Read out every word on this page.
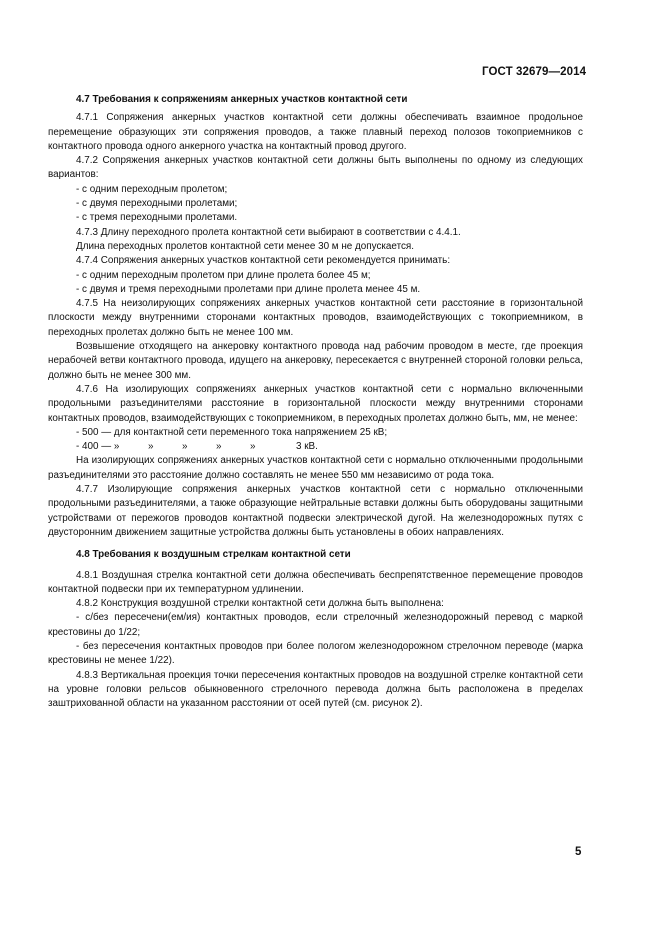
ГОСТ 32679—2014

4.7 Требования к сопряжениям анкерных участков контактной сети

4.7.1 Сопряжения анкерных участков контактной сети должны обеспечивать взаимное продольное перемещение образующих эти сопряжения проводов, а также плавный переход полозов токоприемников с контактного провода одного анкерного участка на контактный провод другого.

4.7.2 Сопряжения анкерных участков контактной сети должны быть выполнены по одному из следующих вариантов:

- с одним переходным пролетом;

- с двумя переходными пролетами;

- с тремя переходными пролетами.

4.7.3 Длину переходного пролета контактной сети выбирают в соответствии с 4.4.1.

Длина переходных пролетов контактной сети менее 30 м не допускается.

4.7.4 Сопряжения анкерных участков контактной сети рекомендуется принимать:

- с одним переходным пролетом при длине пролета более 45 м;

- с двумя и тремя переходными пролетами при длине пролета менее 45 м.

4.7.5 На неизолирующих сопряжениях анкерных участков контактной сети расстояние в горизонтальной плоскости между внутренними сторонами контактных проводов, взаимодействующих с токоприемником, в переходных пролетах должно быть не менее 100 мм.

Возвышение отходящего на анкеровку контактного провода над рабочим проводом в месте, где проекция нерабочей ветви контактного провода, идущего на анкеровку, пересекается с внутренней стороной головки рельса, должно быть не менее 300 мм.

4.7.6 На изолирующих сопряжениях анкерных участков контактной сети с нормально включенными продольными разъединителями расстояние в горизонтальной плоскости между внутренними сторонами контактных проводов, взаимодействующих с токоприемником, в переходных пролетах должно быть, мм, не менее:

- 500 — для контактной сети переменного тока напряжением 25 кВ;

- 400 — »	»	»	»	»	3 кВ.

На изолирующих сопряжениях анкерных участков контактной сети с нормально отключенными продольными разъединителями это расстояние должно составлять не менее 550 мм независимо от рода тока.

4.7.7 Изолирующие сопряжения анкерных участков контактной сети с нормально отключенными продольными разъединителями, а также образующие нейтральные вставки должны быть оборудованы защитными устройствами от пережогов проводов контактной подвески электрической дугой. На железнодорожных путях с двусторонним движением защитные устройства должны быть установлены в обоих направлениях.

4.8 Требования к воздушным стрелкам контактной сети

4.8.1 Воздушная стрелка контактной сети должна обеспечивать беспрепятственное перемещение проводов контактной подвески при их температурном удлинении.

4.8.2 Конструкция воздушной стрелки контактной сети должна быть выполнена:

- с/без пересечени(ем/ия) контактных проводов, если стрелочный железнодорожный перевод с маркой крестовины до 1/22;

- без пересечения контактных проводов при более пологом железнодорожном стрелочном переводе (марка крестовины не менее 1/22).

4.8.3 Вертикальная проекция точки пересечения контактных проводов на воздушной стрелке контактной сети на уровне головки рельсов обыкновенного стрелочного перевода должна быть расположена в пределах заштрихованной области на указанном расстоянии от осей путей (см. рисунок 2).

5
